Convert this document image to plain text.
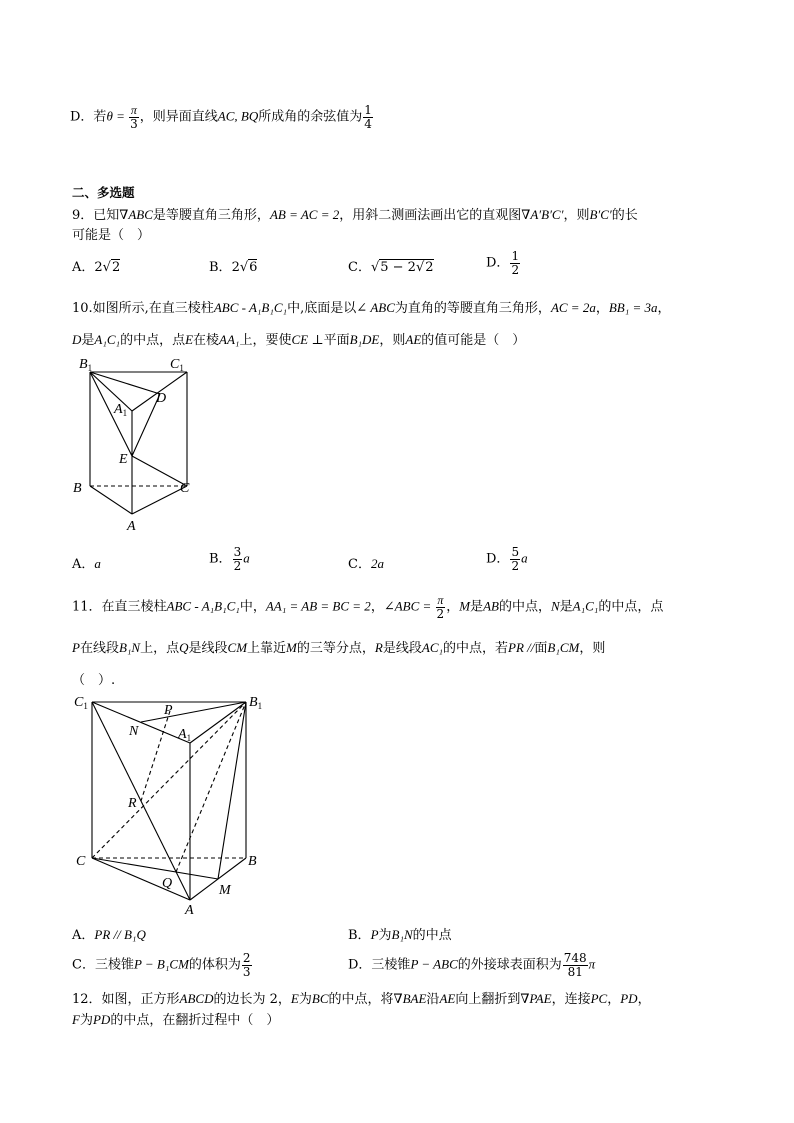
D．若$\theta = \frac{\pi}{3}$ ，则异面直线AC, BQ所成角的余弦值为 $\frac{1}{4}$
二、多选题
9．已知∇ABC是等腰直角三角形，AB = AC = 2，用斜二测画法画出它的直观图∇A′B′C′，则B′C′的长
可能是（　）
A．2√2	B．2√6	C．√5 − 2√2	D． $\frac{1}{2}$
10.如图所示,在直三棱柱ABC - A₁B₁C₁中,底面是以∠ ABC为直角的等腰直角三角形，AC = 2a，BB₁ = 3a，
D是A₁C₁的中点，点E在棱AA₁上，要使CE ⊥平面B₁DE，则AE的值可能是（　）
$B_1$	$C_1$
$A_1$
D
E
B	C
A
A．a	B． $\frac{3}{2}$ a	C．2a	D． $\frac{5}{2}$ a
11．在直三棱柱ABC - A₁B₁C₁中，AA₁ = AB = BC = 2，∠ABC = $\frac{\pi}{2}$ ，M是AB的中点，N是A₁C₁的中点，点
P在线段B₁N上，点Q是线段CM上靠近M的三等分点，R是线段AC₁的中点，若PR //面B₁CM，则
（　）.
$C_1$	P
$B_1$
N	$A_1$
R
C	B
Q	M
A
A．PR // B₁Q	B．P为B₁N的中点
C．三棱锥P − B₁CM的体积为 $\frac{2}{3}$	D．三棱锥P − ABC的外接球表面积为 $\frac{748}{81}$ π
12．如图，正方形ABCD的边长为 2，E为BC的中点，将∇BAE沿AE向上翻折到∇PAE，连接PC，PD，
F为PD的中点，在翻折过程中（　）
